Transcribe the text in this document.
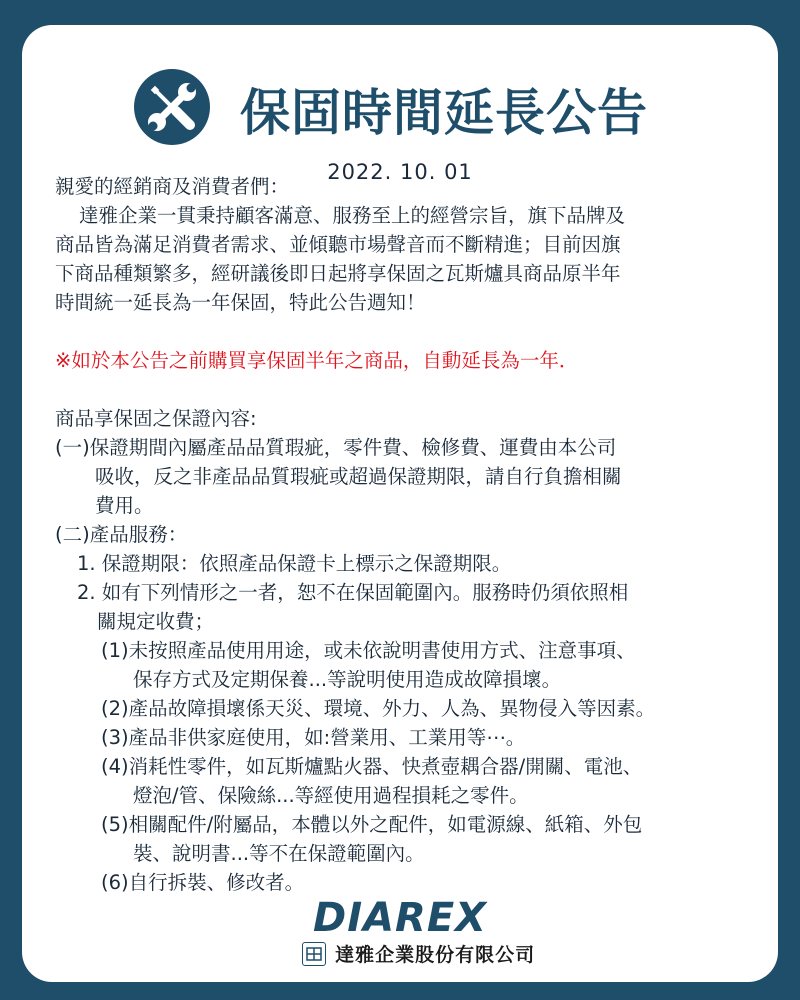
保固時間延長公告
2022. 10. 01
親愛的經銷商及消費者們：
達雅企業一貫秉持顧客滿意、服務至上的經營宗旨，旗下品牌及
商品皆為滿足消費者需求、並傾聽市場聲音而不斷精進；目前因旗
下商品種類繁多，經研議後即日起將享保固之瓦斯爐具商品原半年
時間統一延長為一年保固，特此公告週知！
※如於本公告之前購買享保固半年之商品，自動延長為一年．
商品享保固之保證內容:
(一)保證期間內屬產品品質瑕疵，零件費、檢修費、運費由本公司
吸收，反之非產品品質瑕疵或超過保證期限，請自行負擔相關
費用。
(二)產品服務：
1. 保證期限：依照產品保證卡上標示之保證期限。
2. 如有下列情形之一者，恕不在保固範圍內。服務時仍須依照相
關規定收費；
(1)未按照產品使用用途，或未依說明書使用方式、注意事項、
保存方式及定期保養...等說明使用造成故障損壞。
(2)產品故障損壞係天災、環境、外力、人為、異物侵入等因素。
(3)產品非供家庭使用，如:營業用、工業用等⋯。
(4)消耗性零件，如瓦斯爐點火器、快煮壺耦合器/開關、電池、
燈泡/管、保險絲...等經使用過程損耗之零件。
(5)相關配件/附屬品，本體以外之配件，如電源線、紙箱、外包
裝、說明書...等不在保證範圍內。
(6)自行拆裝、修改者。
DIAREX
達雅企業股份有限公司
